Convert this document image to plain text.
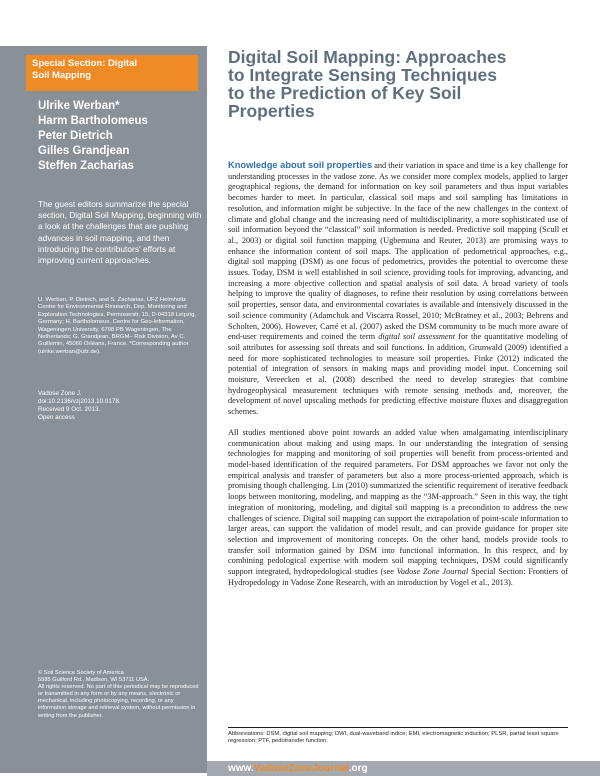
Special Section: Digital
Soil Mapping
Ulrike Werban*
Harm Bartholomeus
Peter Dietrich
Gilles Grandjean
Steffen Zacharias
The guest editors summarize the special section, Digital Soil Mapping, beginning with a look at the challenges that are pushing advances in soil mapping, and then introducing the contributors' efforts at improving current approaches.
U. Werban, P. Dietrich, and S. Zacharias, UFZ Helmholtz Centre for Environmental Research, Dep. Monitoring and Exploration Technologies, Permoserstr. 15, D-04318 Leipzig, Germany; H. Bartholomeus, Centre for Geo-Information, Wageningen University, 6708 PB Wageningen, The Netherlands; G. Grandjean, BRGM– Risk Division, Av C. Guillemin, 45060 Orléans, France. *Corresponding author (ulrike.werban@ufz.de).
Vadose Zone J.
doi:10.2136/vzj2013.10.0178.
Received 9 Oct. 2013.
Open access
© Soil Science Society of America
5585 Guilford Rd., Madison, WI 53711 USA.
All rights reserved. No part of this periodical may be reproduced or transmitted in any form or by any means, electronic or mechanical, including photocopying, recording, or any information storage and retrieval system, without permission in writing from the publisher.
Digital Soil Mapping: Approaches
to Integrate Sensing Techniques
to the Prediction of Key Soil
Properties

Knowledge about soil properties and their variation in space and time is a key challenge for understanding processes in the vadose zone. As we consider more complex models, applied to larger geographical regions, the demand for information on key soil parameters and thus input variables becomes harder to meet. In particular, classical soil maps and soil sampling has limitations in resolution, and information might be subjective. In the face of the new challenges in the context of climate and global change and the increasing need of multidisciplinarity, a more sophisticated use of soil information beyond the “classical” soil information is needed. Predictive soil mapping (Scull et al., 2003) or digital soil function mapping (Ugbemuna and Reuter, 2013) are promising ways to enhance the information content of soil maps. The application of pedometrical approaches, e.g., digital soil mapping (DSM) as one focus of pedometrics, provides the potential to overcome these issues. Today, DSM is well established in soil science, providing tools for improving, advancing, and increasing a more objective collection and spatial analysis of soil data. A broad variety of tools helping to improve the quality of diagnoses, to refine their resolution by using correlations between soil properties, sensor data, and environmental covariates is available and intensively discussed in the soil science community (Adamchuk and Viscarra Rossel, 2010; McBratney et al., 2003; Behrens and Scholten, 2006). However, Carré et al. (2007) asked the DSM community to be much more aware of end-user requirements and coined the term digital soil assessment for the quantitative modeling of soil attributes for assessing soil threats and soil functions. In addition, Grunwald (2009) identified a need for more sophisticated technologies to measure soil properties. Finke (2012) indicated the potential of integration of sensors in making maps and providing model input. Concerning soil moisture, Vereecken et al. (2008) described the need to develop strategies that combine hydrogeophysical measurement techniques with remote sensing methods and, moreover, the development of novel upscaling methods for predicting effective moisture fluxes and disaggregation schemes.

All studies mentioned above point towards an added value when amalgamating interdisciplinary communication about making and using maps. In our understanding the integration of sensing technologies for mapping and monitoring of soil properties will benefit from process-oriented and model-based identification of the required parameters. For DSM approaches we favor not only the empirical analysis and transfer of parameters but also a more process-oriented approach, which is promising though challenging. Lin (2010) summarized the scientific requirement of iterative feedback loops between monitoring, modeling, and mapping as the “3M-approach.” Seen in this way, the tight integration of monitoring, modeling, and digital soil mapping is a precondition to address the new challenges of science. Digital soil mapping can support the extrapolation of point-scale information to larger areas, can support the validation of model result, and can provide guidance for proper site selection and improvement of monitoring concepts. On the other hand, models provide tools to transfer soil information gained by DSM into functional information. In this respect, and by combining pedological expertise with modern soil mapping techniques, DSM could significantly support integrated, hydropedological studies (see Vadose Zone Journal Special Section: Frontiers of Hydropedology in Vadose Zone Research, with an introduction by Vogel et al., 2013).

Abbreviations: DSM, digital soil mapping; DWI, dual-waveband indice; EMI, electromagnetic induction; PLSR, partial least square regression; PTF, pedotransfer function.
www.VadoseZoneJournal.org
